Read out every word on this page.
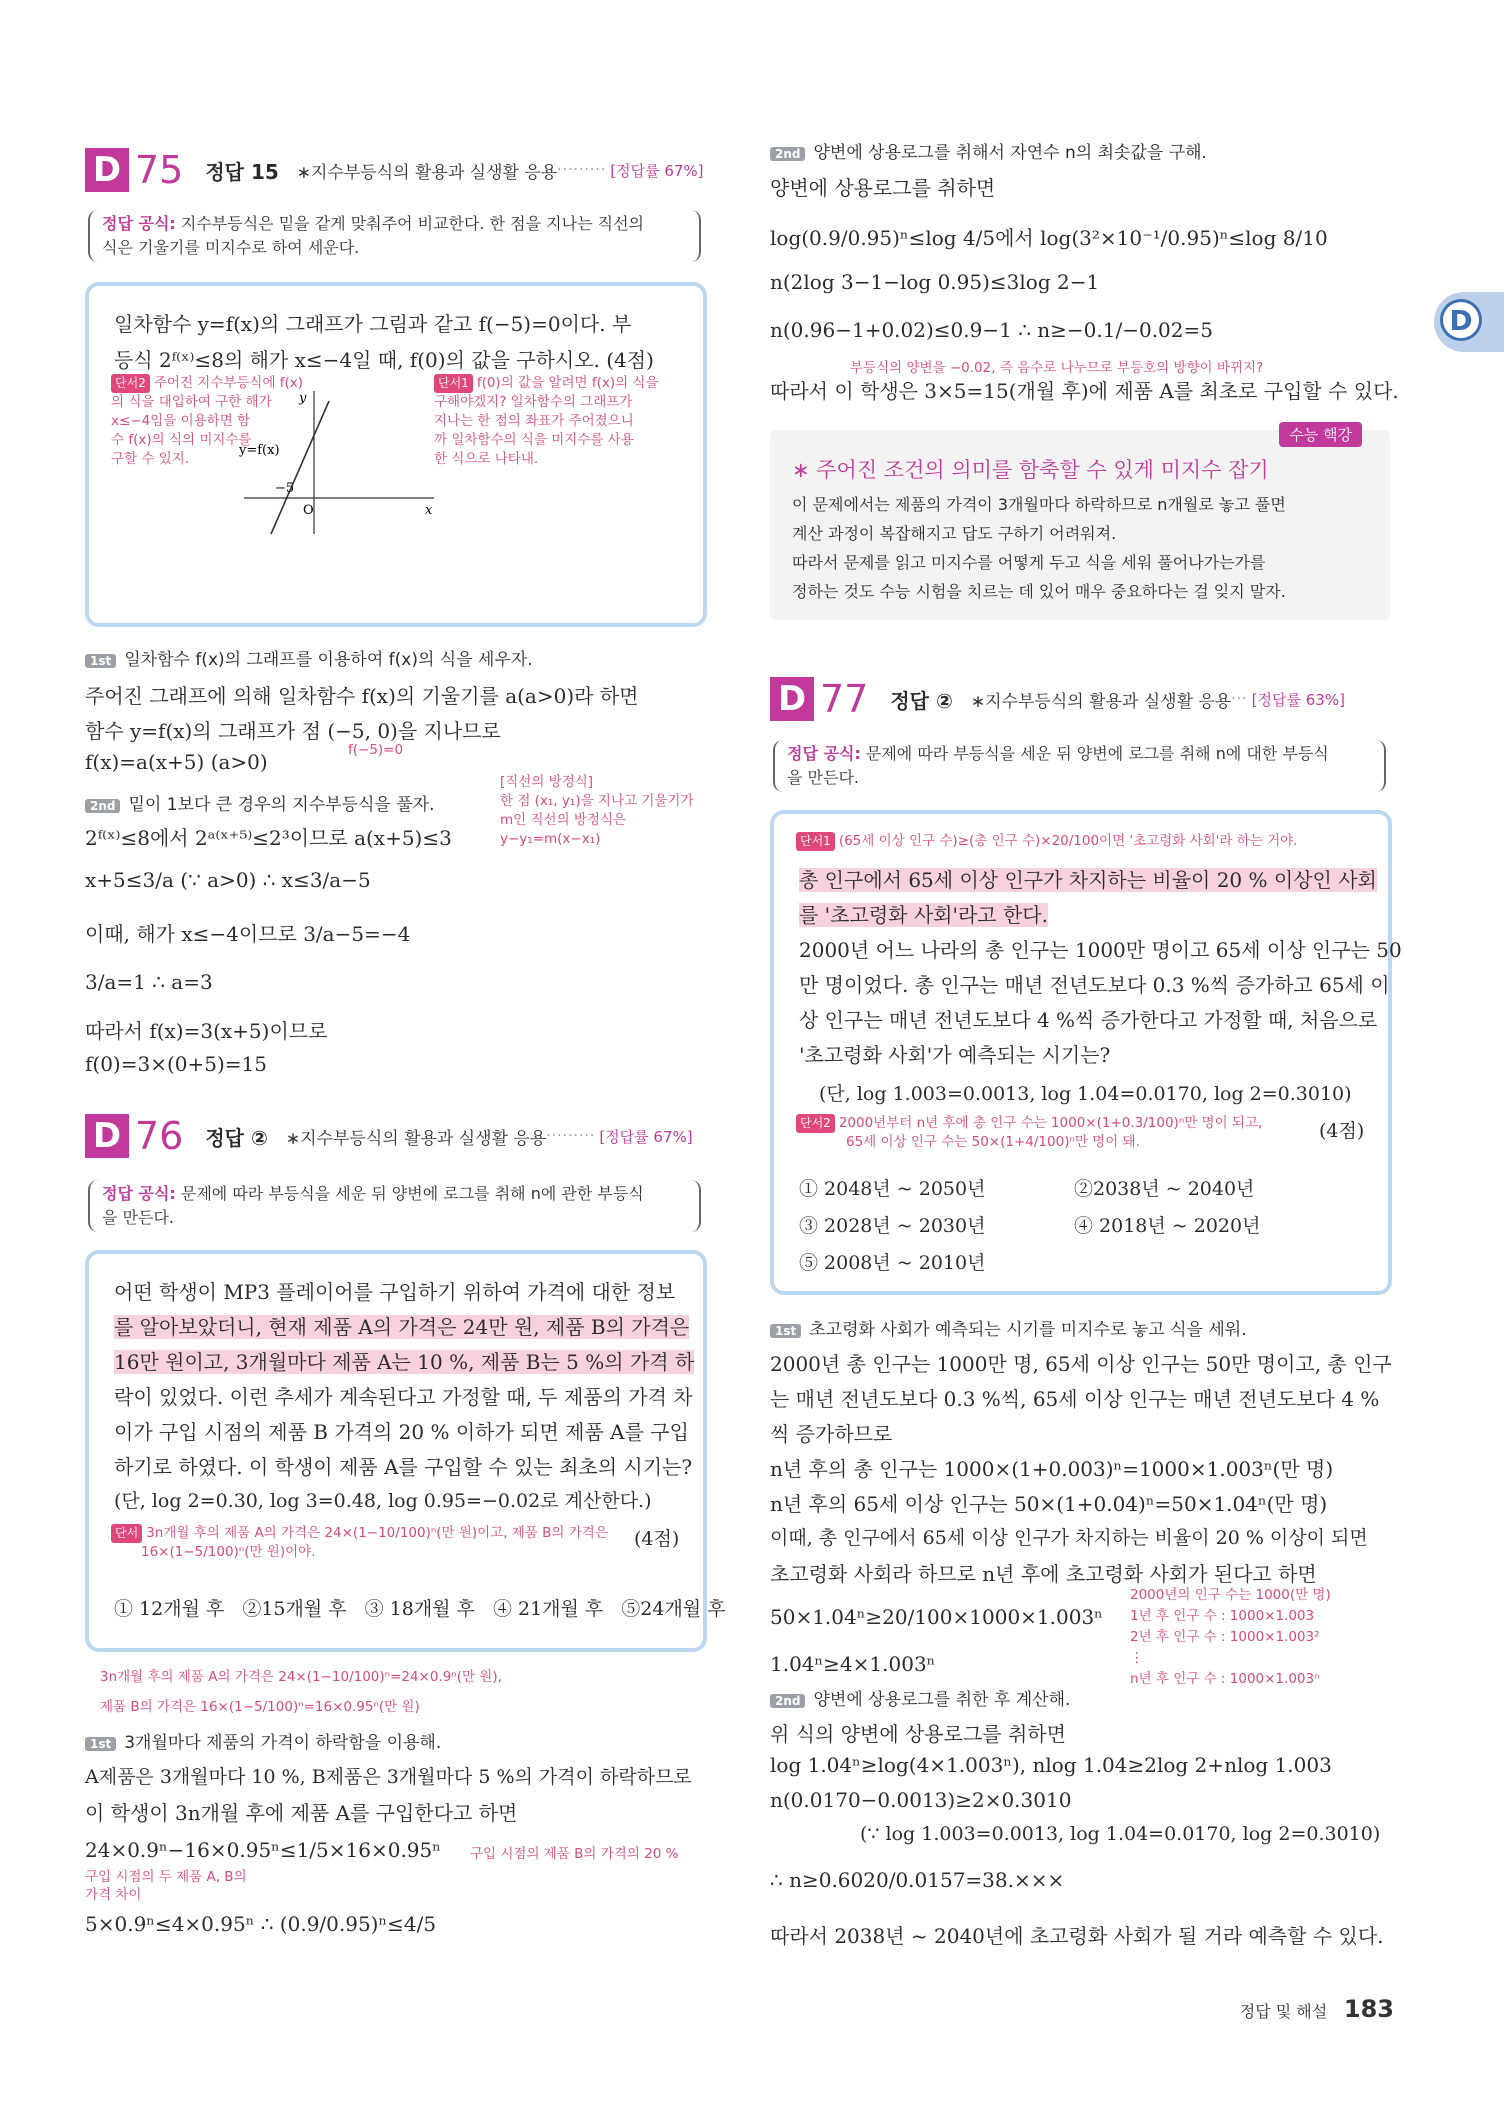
D 75 정답 15 ∗지수부등식의 활용과 실생활 응용 ········· [정답률 67%]
정답 공식: 지수부등식은 밑을 같게 맞춰주어 비교한다. 한 점을 지나는 직선의
식은 기울기를 미지수로 하여 세운다.
일차함수 y=f(x)의 그래프가 그림과 같고 f(−5)=0이다. 부
등식 2ᶠ⁽ˣ⁾≤8의 해가 x≤−4일 때, f(0)의 값을 구하시오. (4점)
단서2 주어진 지수부등식에 f(x)
의 식을 대입하여 구한 해가
x≤−4임을 이용하면 함
수 f(x)의 식의 미지수를
구할 수 있지.
단서1 f(0)의 값을 알려면 f(x)의 식을
구해야겠지? 일차함수의 그래프가
지나는 한 점의 좌표가 주어졌으니
까 일차함수의 식을 미지수를 사용
한 식으로 나타내.
y
x
O
−5
y=f(x)
1st 일차함수 f(x)의 그래프를 이용하여 f(x)의 식을 세우자.
주어진 그래프에 의해 일차함수 f(x)의 기울기를 a(a>0)라 하면
함수 y=f(x)의 그래프가 점 (−5, 0)을 지나므로
f(x)=a(x+5) (a>0)	f(−5)=0
2nd 밑이 1보다 큰 경우의 지수부등식을 풀자.
[직선의 방정식]
한 점 (x₁, y₁)을 지나고 기울기가
m인 직선의 방정식은
y−y₁=m(x−x₁)
2ᶠ⁽ˣ⁾≤8에서 2ᵃ⁽ˣ⁺⁵⁾≤2³이므로 a(x+5)≤3
x+5≤3/a (∵ a>0) ∴ x≤3/a−5
이때, 해가 x≤−4이므로 3/a−5=−4
3/a=1 ∴ a=3
따라서 f(x)=3(x+5)이므로
f(0)=3×(0+5)=15
D 76 정답 ② ∗지수부등식의 활용과 실생활 응용 ········· [정답률 67%]
정답 공식: 문제에 따라 부등식을 세운 뒤 양변에 로그를 취해 n에 관한 부등식
을 만든다.
어떤 학생이 MP3 플레이어를 구입하기 위하여 가격에 대한 정보
를 알아보았더니, 현재 제품 A의 가격은 24만 원, 제품 B의 가격은
16만 원이고, 3개월마다 제품 A는 10 %, 제품 B는 5 %의 가격 하
락이 있었다. 이런 추세가 계속된다고 가정할 때, 두 제품의 가격 차
이가 구입 시점의 제품 B 가격의 20 % 이하가 되면 제품 A를 구입
하기로 하였다. 이 학생이 제품 A를 구입할 수 있는 최초의 시기는?
(단, log 2=0.30, log 3=0.48, log 0.95=−0.02로 계산한다.)
단서 3n개월 후의 제품 A의 가격은 24×(1−10/100)ⁿ(만 원)이고, 제품 B의 가격은
16×(1−5/100)ⁿ(만 원)이야.
(4점)
① 12개월 후 ②15개월 후 ③ 18개월 후 ④ 21개월 후 ⑤24개월 후
3n개월 후의 제품 A의 가격은 24×(1−10/100)ⁿ=24×0.9ⁿ(만 원),
제품 B의 가격은 16×(1−5/100)ⁿ=16×0.95ⁿ(만 원)
1st 3개월마다 제품의 가격이 하락함을 이용해.
A제품은 3개월마다 10 %, B제품은 3개월마다 5 %의 가격이 하락하므로
이 학생이 3n개월 후에 제품 A를 구입한다고 하면
24×0.9ⁿ−16×0.95ⁿ≤1/5×16×0.95ⁿ 구입 시점의 제품 B의 가격의 20 %
구입 시점의 두 제품 A, B의
가격 차이
5×0.9ⁿ≤4×0.95ⁿ ∴ (0.9/0.95)ⁿ≤4/5
2nd 양변에 상용로그를 취해서 자연수 n의 최솟값을 구해.
양변에 상용로그를 취하면
log(0.9/0.95)ⁿ≤log 4/5에서 log(3²×10⁻¹/0.95)ⁿ≤log 8/10
n(2log 3−1−log 0.95)≤3log 2−1
n(0.96−1+0.02)≤0.9−1 ∴ n≥−0.1/−0.02=5
부등식의 양변을 −0.02, 즉 음수로 나누므로 부등호의 방향이 바뀌지?
따라서 이 학생은 3×5=15(개월 후)에 제품 A를 최초로 구입할 수 있다.
수능 핵강
∗ 주어진 조건의 의미를 함축할 수 있게 미지수 잡기
이 문제에서는 제품의 가격이 3개월마다 하락하므로 n개월로 놓고 풀면
계산 과정이 복잡해지고 답도 구하기 어려워져.
따라서 문제를 읽고 미지수를 어떻게 두고 식을 세워 풀어나가는가를
정하는 것도 수능 시험을 치르는 데 있어 매우 중요하다는 걸 잊지 말자.
D 77 정답 ② ∗지수부등식의 활용과 실생활 응용 ··· [정답률 63%]
정답 공식: 문제에 따라 부등식을 세운 뒤 양변에 로그를 취해 n에 대한 부등식
을 만든다.
단서1 (65세 이상 인구 수)≥(총 인구 수)×20/100이면 '초고령화 사회'라 하는 거야.
총 인구에서 65세 이상 인구가 차지하는 비율이 20 % 이상인 사회
를 '초고령화 사회'라고 한다.
2000년 어느 나라의 총 인구는 1000만 명이고 65세 이상 인구는 50
만 명이었다. 총 인구는 매년 전년도보다 0.3 %씩 증가하고 65세 이
상 인구는 매년 전년도보다 4 %씩 증가한다고 가정할 때, 처음으로
'초고령화 사회'가 예측되는 시기는?
(단, log 1.003=0.0013, log 1.04=0.0170, log 2=0.3010)
단서2 2000년부터 n년 후에 총 인구 수는 1000×(1+0.3/100)ⁿ만 명이 되고,
65세 이상 인구 수는 50×(1+4/100)ⁿ만 명이 돼.	(4점)
① 2048년 ~ 2050년	②2038년 ~ 2040년
③ 2028년 ~ 2030년	④ 2018년 ~ 2020년
⑤ 2008년 ~ 2010년
1st 초고령화 사회가 예측되는 시기를 미지수로 놓고 식을 세워.
2000년 총 인구는 1000만 명, 65세 이상 인구는 50만 명이고, 총 인구
는 매년 전년도보다 0.3 %씩, 65세 이상 인구는 매년 전년도보다 4 %
씩 증가하므로
n년 후의 총 인구는 1000×(1+0.003)ⁿ=1000×1.003ⁿ(만 명)
n년 후의 65세 이상 인구는 50×(1+0.04)ⁿ=50×1.04ⁿ(만 명)
이때, 총 인구에서 65세 이상 인구가 차지하는 비율이 20 % 이상이 되면
초고령화 사회라 하므로 n년 후에 초고령화 사회가 된다고 하면
50×1.04ⁿ≥20/100×1000×1.003ⁿ
1.04ⁿ≥4×1.003ⁿ
2000년의 인구 수는 1000(만 명)
1년 후 인구 수 : 1000×1.003
2년 후 인구 수 : 1000×1.003²
⋮
n년 후 인구 수 : 1000×1.003ⁿ
2nd 양변에 상용로그를 취한 후 계산해.
위 식의 양변에 상용로그를 취하면
log 1.04ⁿ≥log(4×1.003ⁿ), nlog 1.04≥2log 2+nlog 1.003
n(0.0170−0.0013)≥2×0.3010
(∵ log 1.003=0.0013, log 1.04=0.0170, log 2=0.3010)
∴ n≥0.6020/0.0157=38.×××
따라서 2038년 ~ 2040년에 초고령화 사회가 될 거라 예측할 수 있다.
D
정답 및 해설 183
